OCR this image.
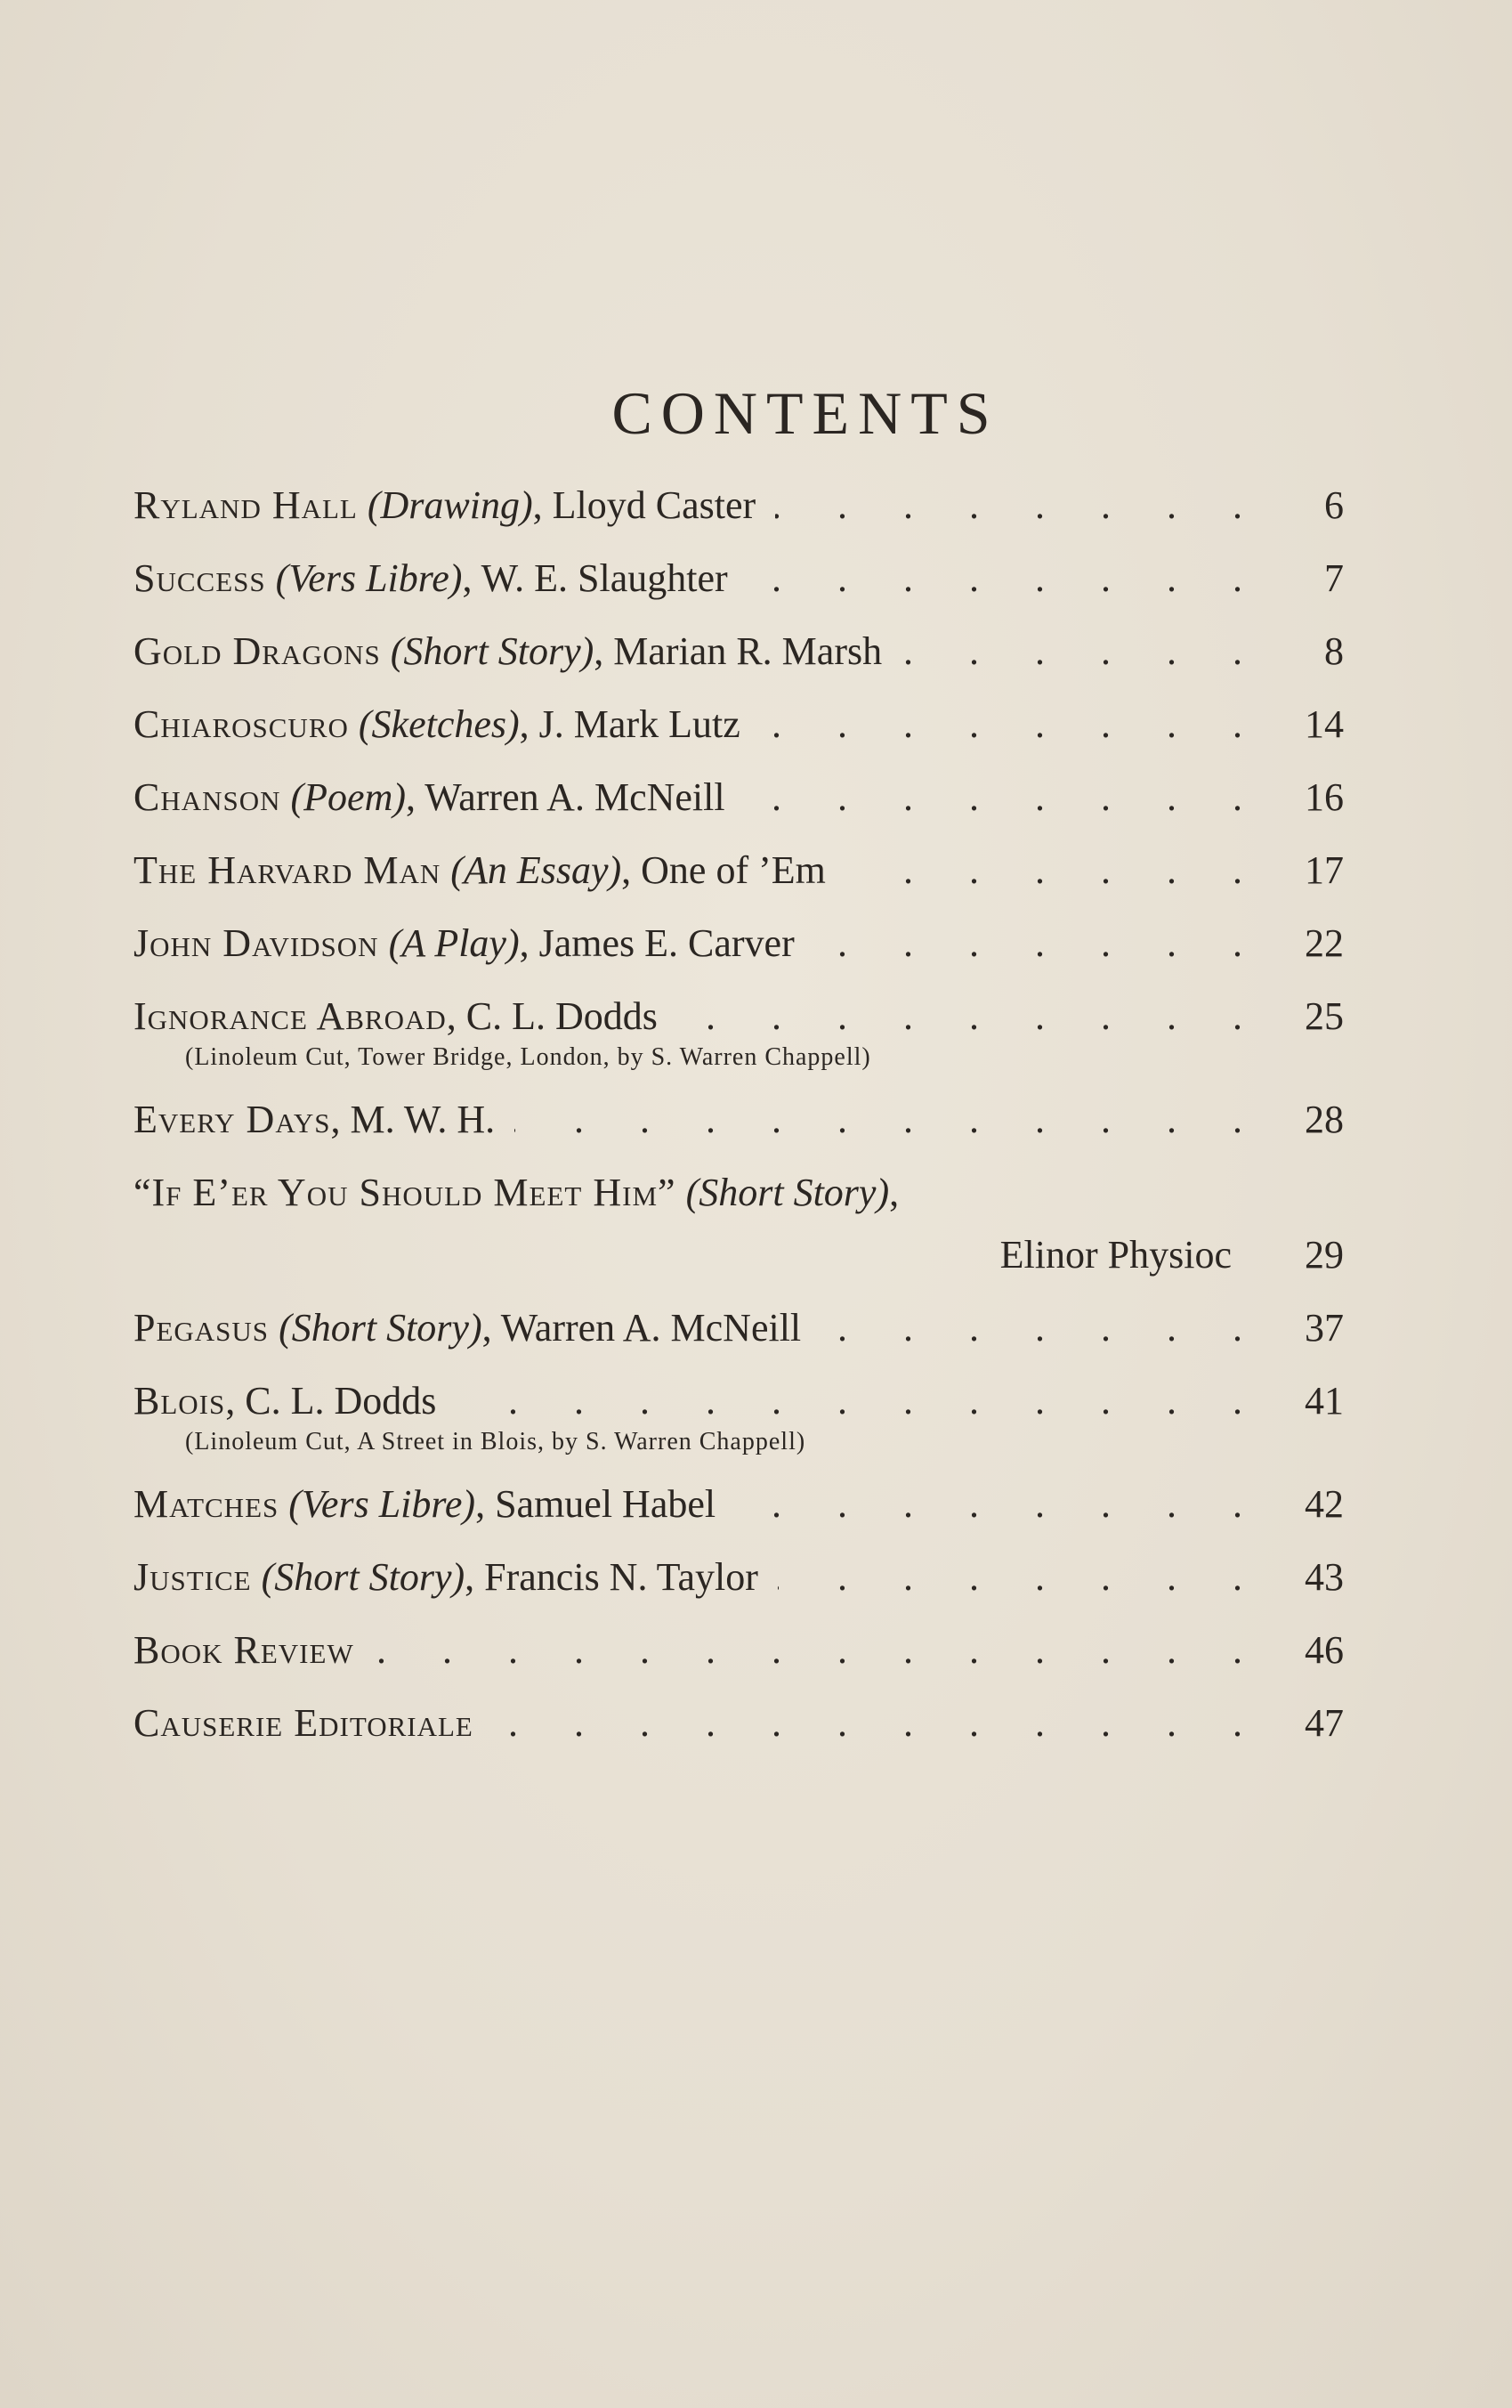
CONTENTS
Ryland Hall (Drawing), Lloyd Caster . . .	6
Success (Vers Libre), W. E. Slaughter . . .	7
Gold Dragons (Short Story), Marian R. Marsh . . .	8
Chiaroscuro (Sketches), J. Mark Lutz . . .	14
Chanson (Poem), Warren A. McNeill . . .	16
The Harvard Man (An Essay), One of ’Em . . .	17
John Davidson (A Play), James E. Carver . . .	22
Ignorance Abroad, C. L. Dodds . . .	25
(Linoleum Cut, Tower Bridge, London, by S. Warren Chappell)
Every Days, M. W. H. . . .	28
“If E’er You Should Meet Him” (Short Story),
Elinor Physioc	29
Pegasus (Short Story), Warren A. McNeill . . .	37
Blois, C. L. Dodds . . .	41
(Linoleum Cut, A Street in Blois, by S. Warren Chappell)
Matches (Vers Libre), Samuel Habel . . .	42
Justice (Short Story), Francis N. Taylor . . .	43
Book Review . . .	46
Causerie Editoriale . . .	47
